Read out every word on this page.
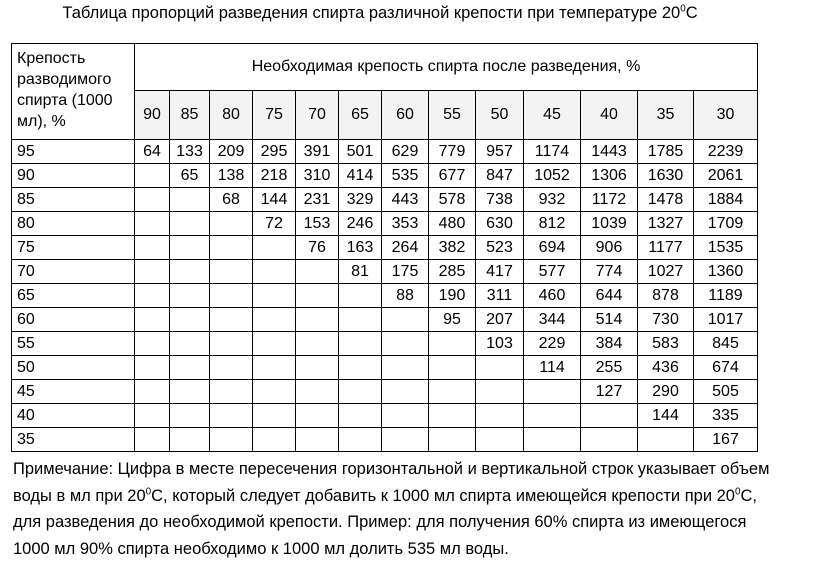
Таблица пропорций разведения спирта различной крепости при температуре $20^0С$
Крепость разводимого спирта (1000 мл), %	Необходимая крепость спирта после разведения, %												
	90	85	80	75	70	65	60	55	50	45	40	35	30
95	64	133	209	295	391	501	629	779	957	1174	1443	1785	2239
90		65	138	218	310	414	535	677	847	1052	1306	1630	2061
85			68	144	231	329	443	578	738	932	1172	1478	1884
80				72	153	246	353	480	630	812	1039	1327	1709
75					76	163	264	382	523	694	906	1177	1535
70						81	175	285	417	577	774	1027	1360
65							88	190	311	460	644	878	1189
60								95	207	344	514	730	1017
55									103	229	384	583	845
50										114	255	436	674
45											127	290	505
40												144	335
35													167

Примечание: Цифра в месте пересечения горизонтальной и вертикальной строк указывает объем

воды в мл при $20^0С$, который следует добавить к 1000 мл спирта имеющейся крепости при $20^0С$,

для разведения до необходимой крепости. Пример: для получения 60% спирта из имеющегося

1000 мл 90% спирта необходимо к 1000 мл долить 535 мл воды.
